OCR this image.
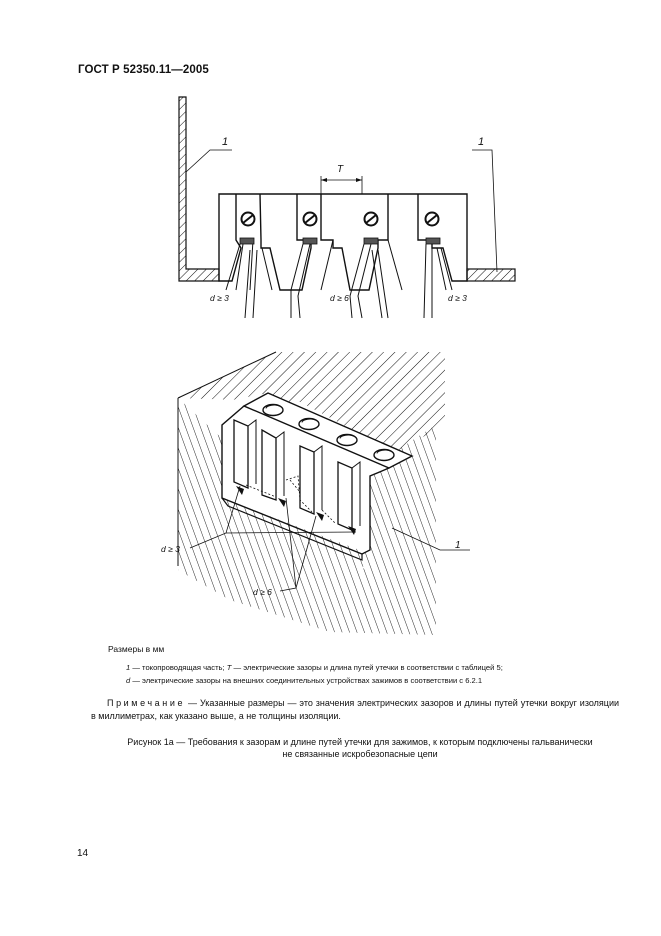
ГОСТ Р 52350.11—2005
T
1	1
d ≥ 3	d ≥ 6	d ≥ 3
d ≥ 3
d ≥ 6
1
Размеры в мм
1 — токопроводящая часть; T — электрические зазоры и длина путей утечки в соответствии с таблицей 5;
d — электрические зазоры на внешних соединительных устройствах зажимов в соответствии с 6.2.1
Примечание — Указанные размеры — это значения электрических зазоров и длины путей утечки вокруг изоляции в миллиметрах, как указано выше, а не толщины изоляции.
Рисунок 1а — Требования к зазорам и длине путей утечки для зажимов, к которым подключены гальванически
не связанные искробезопасные цепи
14
